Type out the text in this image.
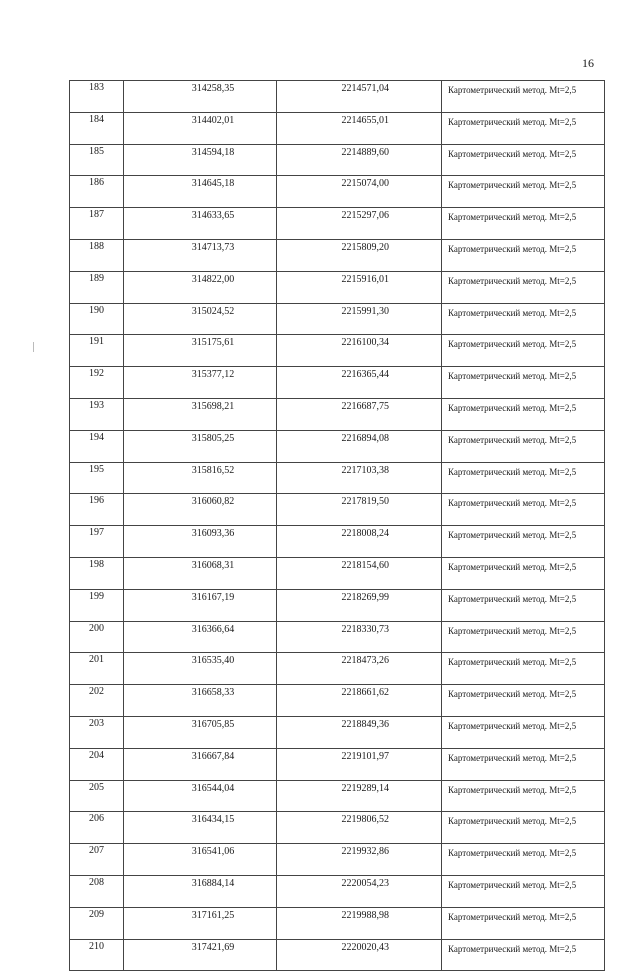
16
183	314258,35	2214571,04	Картометрический метод. Mt=2,5
184	314402,01	2214655,01	Картометрический метод. Mt=2,5
185	314594,18	2214889,60	Картометрический метод. Mt=2,5
186	314645,18	2215074,00	Картометрический метод. Mt=2,5
187	314633,65	2215297,06	Картометрический метод. Mt=2,5
188	314713,73	2215809,20	Картометрический метод. Mt=2,5
189	314822,00	2215916,01	Картометрический метод. Mt=2,5
190	315024,52	2215991,30	Картометрический метод. Mt=2,5
191	315175,61	2216100,34	Картометрический метод. Mt=2,5
192	315377,12	2216365,44	Картометрический метод. Mt=2,5
193	315698,21	2216687,75	Картометрический метод. Mt=2,5
194	315805,25	2216894,08	Картометрический метод. Mt=2,5
195	315816,52	2217103,38	Картометрический метод. Mt=2,5
196	316060,82	2217819,50	Картометрический метод. Mt=2,5
197	316093,36	2218008,24	Картометрический метод. Mt=2,5
198	316068,31	2218154,60	Картометрический метод. Mt=2,5
199	316167,19	2218269,99	Картометрический метод. Mt=2,5
200	316366,64	2218330,73	Картометрический метод. Mt=2,5
201	316535,40	2218473,26	Картометрический метод. Mt=2,5
202	316658,33	2218661,62	Картометрический метод. Mt=2,5
203	316705,85	2218849,36	Картометрический метод. Mt=2,5
204	316667,84	2219101,97	Картометрический метод. Mt=2,5
205	316544,04	2219289,14	Картометрический метод. Mt=2,5
206	316434,15	2219806,52	Картометрический метод. Mt=2,5
207	316541,06	2219932,86	Картометрический метод. Mt=2,5
208	316884,14	2220054,23	Картометрический метод. Mt=2,5
209	317161,25	2219988,98	Картометрический метод. Mt=2,5
210	317421,69	2220020,43	Картометрический метод. Mt=2,5
